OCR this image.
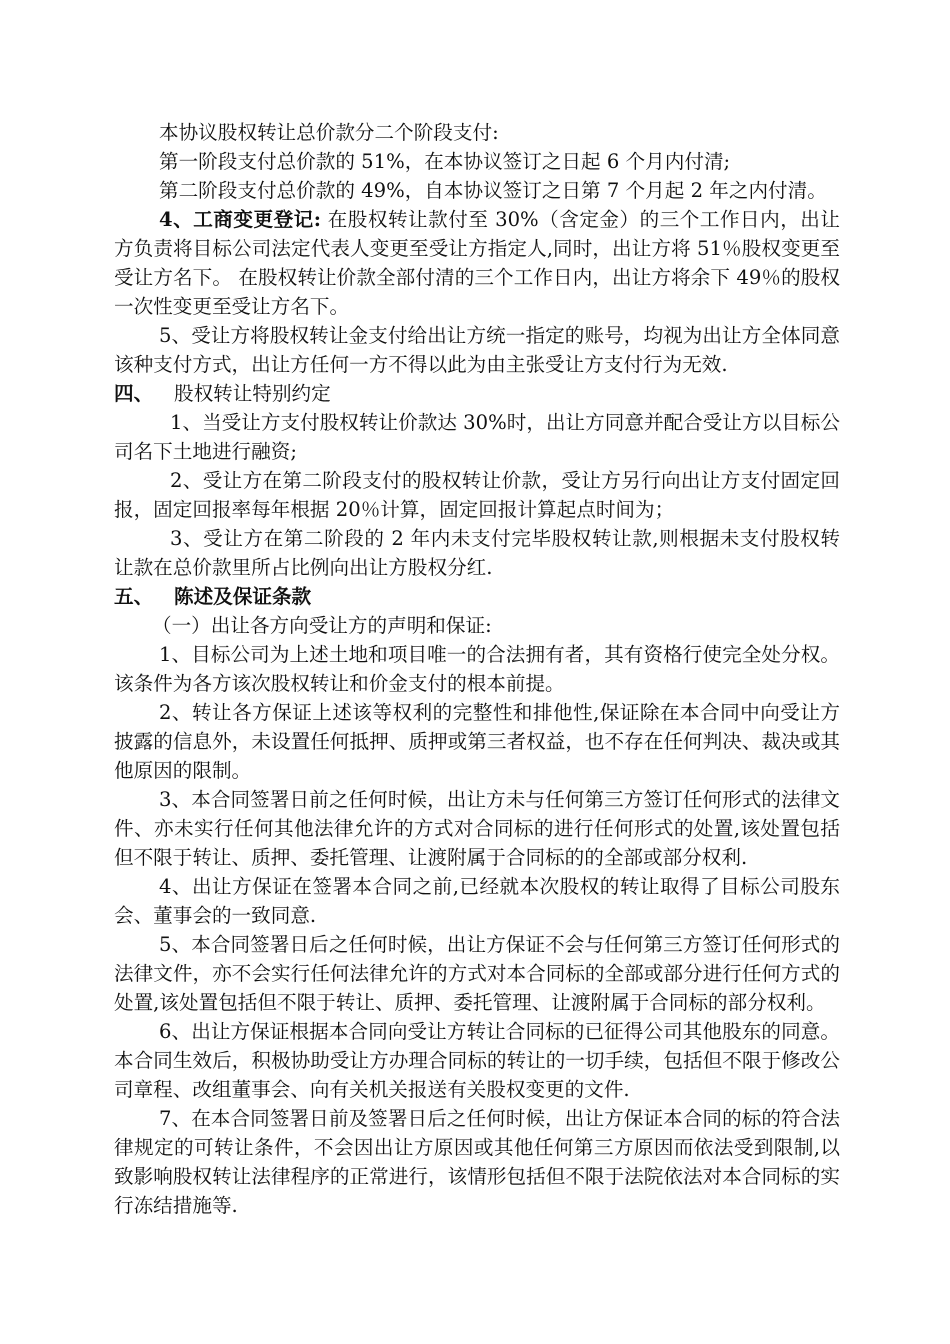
本协议股权转让总价款分二个阶段支付:

第一阶段支付总价款的 51%，在本协议签订之日起 6 个月内付清;

第二阶段支付总价款的 49%，自本协议签订之日第 7 个月起 2 年之内付清。

4、工商变更登记: 在股权转让款付至 30%（含定金）的三个工作日内，出让方负责将目标公司法定代表人变更至受让方指定人,同时，出让方将 51％股权变更至受让方名下。 在股权转让价款全部付清的三个工作日内，出让方将余下 49％的股权一次性变更至受让方名下。

5、受让方将股权转让金支付给出让方统一指定的账号，均视为出让方全体同意该种支付方式，出让方任何一方不得以此为由主张受让方支付行为无效.

四、 股权转让特别约定

1、当受让方支付股权转让价款达 30%时，出让方同意并配合受让方以目标公司名下土地进行融资;

2、受让方在第二阶段支付的股权转让价款，受让方另行向出让方支付固定回报，固定回报率每年根据 20％计算，固定回报计算起点时间为；

3、受让方在第二阶段的 2 年内未支付完毕股权转让款,则根据未支付股权转让款在总价款里所占比例向出让方股权分红.

五、 陈述及保证条款

（一）出让各方向受让方的声明和保证:

1、目标公司为上述土地和项目唯一的合法拥有者，其有资格行使完全处分权。该条件为各方该次股权转让和价金支付的根本前提。

2、转让各方保证上述该等权利的完整性和排他性,保证除在本合同中向受让方披露的信息外，未设置任何抵押、质押或第三者权益，也不存在任何判决、裁决或其他原因的限制。

3、本合同签署日前之任何时候，出让方未与任何第三方签订任何形式的法律文件、亦未实行任何其他法律允许的方式对合同标的进行任何形式的处置,该处置包括但不限于转让、质押、委托管理、让渡附属于合同标的的全部或部分权利.

4、出让方保证在签署本合同之前,已经就本次股权的转让取得了目标公司股东会、董事会的一致同意.

5、本合同签署日后之任何时候，出让方保证不会与任何第三方签订任何形式的法律文件，亦不会实行任何法律允许的方式对本合同标的全部或部分进行任何方式的处置,该处置包括但不限于转让、质押、委托管理、让渡附属于合同标的部分权利。

6、出让方保证根据本合同向受让方转让合同标的已征得公司其他股东的同意。本合同生效后，积极协助受让方办理合同标的转让的一切手续，包括但不限于修改公司章程、改组董事会、向有关机关报送有关股权变更的文件.

7、在本合同签署日前及签署日后之任何时候，出让方保证本合同的标的符合法律规定的可转让条件，不会因出让方原因或其他任何第三方原因而依法受到限制,以致影响股权转让法律程序的正常进行，该情形包括但不限于法院依法对本合同标的实行冻结措施等.
